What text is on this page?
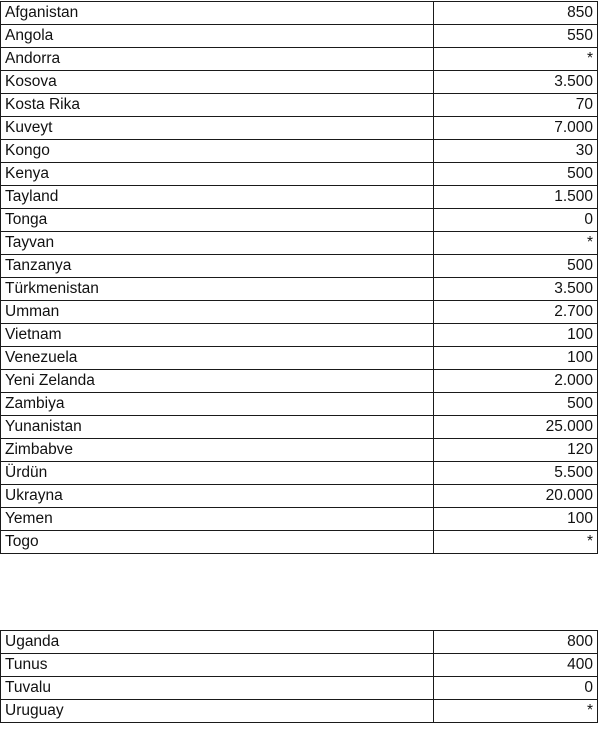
Afganistan	850
Angola	550
Andorra	*
Kosova	3.500
Kosta Rika	70
Kuveyt	7.000
Kongo	30
Kenya	500
Tayland	1.500
Tonga	0
Tayvan	*
Tanzanya	500
Türkmenistan	3.500
Umman	2.700
Vietnam	100
Venezuela	100
Yeni Zelanda	2.000
Zambiya	500
Yunanistan	25.000
Zimbabve	120
Ürdün	5.500
Ukrayna	20.000
Yemen	100
Togo	*
Uganda	800
Tunus	400
Tuvalu	0
Uruguay	*
